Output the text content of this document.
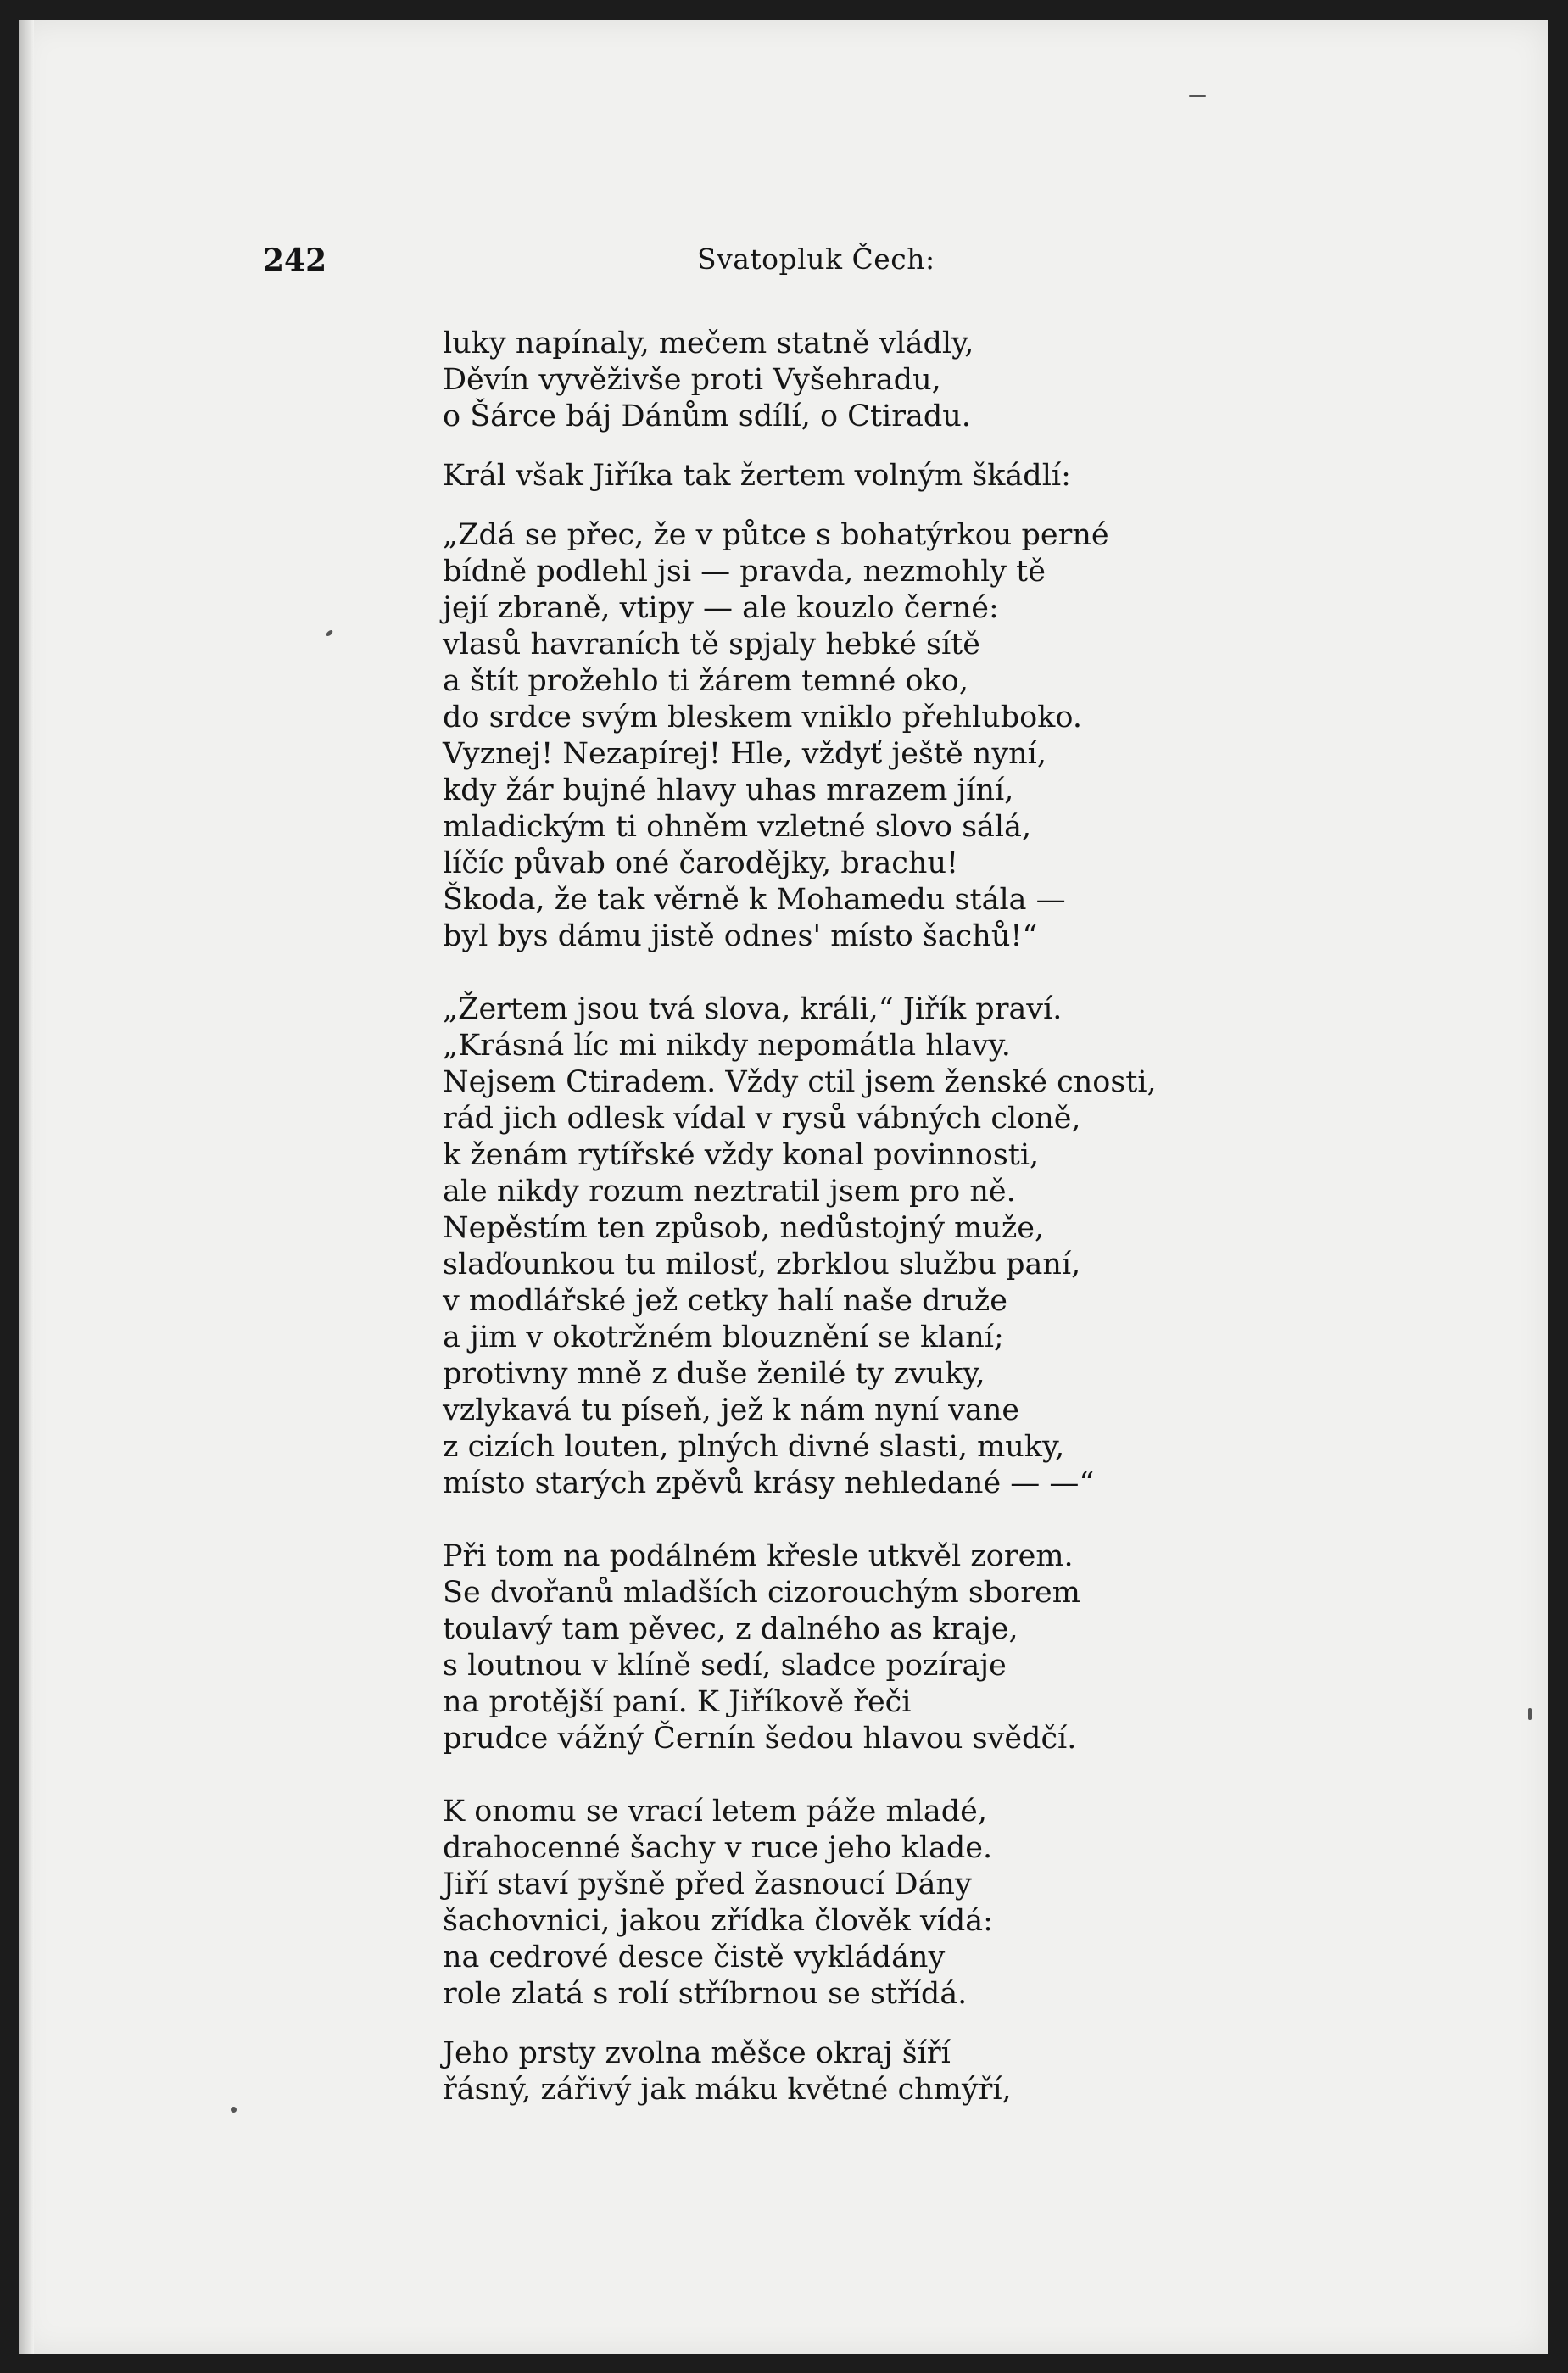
242	Svatopluk Čech:

luky napínaly, mečem statně vládly,
Děvín vyvěživše proti Vyšehradu,
o Šárce báj Dánům sdílí, o Ctiradu.
Král však Jiříka tak žertem volným škádlí:
„Zdá se přec, že v půtce s bohatýrkou perné
bídně podlehl jsi — pravda, nezmohly tě
její zbraně, vtipy — ale kouzlo černé:
vlasů havraních tě spjaly hebké sítě
a štít prožehlo ti žárem temné oko,
do srdce svým bleskem vniklo přehluboko.
Vyznej! Nezapírej! Hle, vždyť ještě nyní,
kdy žár bujné hlavy uhas mrazem jíní,
mladickým ti ohněm vzletné slovo sálá,
líčíc půvab oné čarodějky, brachu!
Škoda, že tak věrně k Mohamedu stála —
byl bys dámu jistě odnes' místo šachů!“
„Žertem jsou tvá slova, králi,“ Jiřík praví.
„Krásná líc mi nikdy nepomátla hlavy.
Nejsem Ctiradem. Vždy ctil jsem ženské cnosti,
rád jich odlesk vídal v rysů vábných cloně,
k ženám rytířské vždy konal povinnosti,
ale nikdy rozum neztratil jsem pro ně.
Nepěstím ten způsob, nedůstojný muže,
slaďounkou tu milosť, zbrklou službu paní,
v modlářské jež cetky halí naše druže
a jim v okotržném blouznění se klaní;
protivny mně z duše ženilé ty zvuky,
vzlykavá tu píseň, jež k nám nyní vane
z cizích louten, plných divné slasti, muky,
místo starých zpěvů krásy nehledané — —“
Při tom na podálném křesle utkvěl zorem.
Se dvořanů mladších cizorouchým sborem
toulavý tam pěvec, z dalného as kraje,
s loutnou v klíně sedí, sladce pozíraje
na protější paní. K Jiříkově řeči
prudce vážný Černín šedou hlavou svědčí.
K onomu se vrací letem páže mladé,
drahocenné šachy v ruce jeho klade.
Jiří staví pyšně před žasnoucí Dány
šachovnici, jakou zřídka člověk vídá:
na cedrové desce čistě vykládány
role zlatá s rolí stříbrnou se střídá.
Jeho prsty zvolna měšce okraj šíří
řásný, zářivý jak máku květné chmýří,
